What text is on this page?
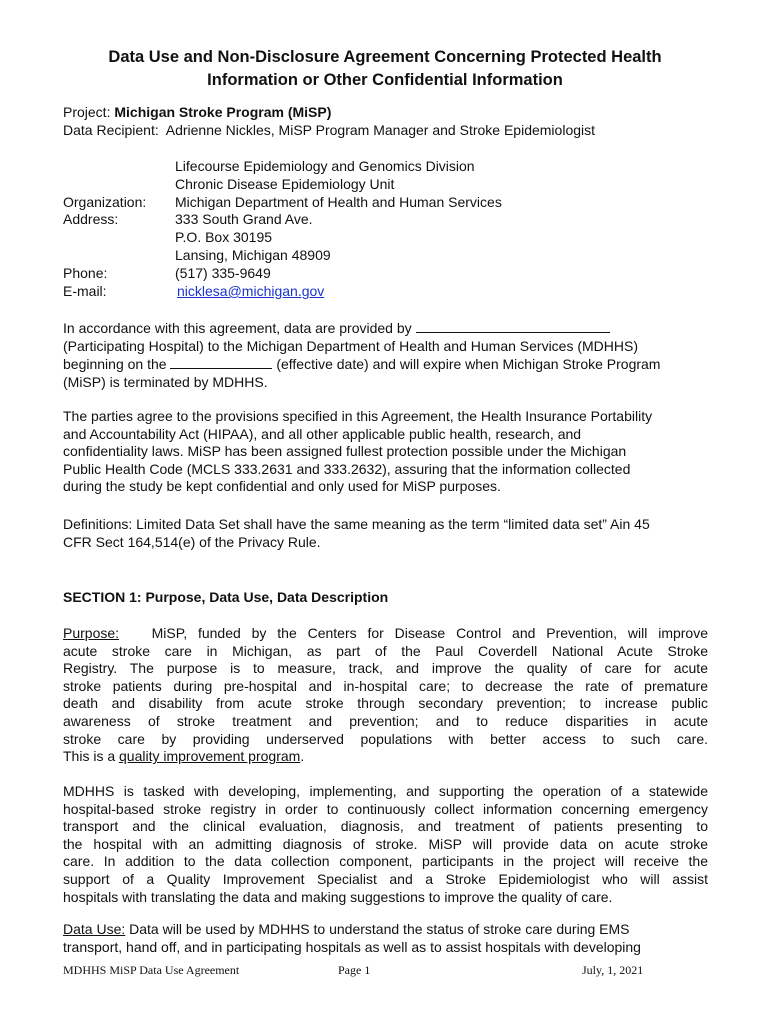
Data Use and Non-Disclosure Agreement Concerning Protected Health
Information or Other Confidential Information
Project: Michigan Stroke Program (MiSP)
Data Recipient: Adrienne Nickles, MiSP Program Manager and Stroke Epidemiologist
Lifecourse Epidemiology and Genomics Division
Chronic Disease Epidemiology Unit
Organization: Michigan Department of Health and Human Services
Address:	333 South Grand Ave.
P.O. Box 30195
Lansing, Michigan 48909
Phone:	(517) 335-9649
E-mail:	nicklesa@michigan.gov
In accordance with this agreement, data are provided by
(Participating Hospital) to the Michigan Department of Health and Human Services (MDHHS)
beginning on the	(effective date) and will expire when Michigan Stroke Program
(MiSP) is terminated by MDHHS.
The parties agree to the provisions specified in this Agreement, the Health Insurance Portability
and Accountability Act (HIPAA), and all other applicable public health, research, and
confidentiality laws. MiSP has been assigned fullest protection possible under the Michigan
Public Health Code (MCLS 333.2631 and 333.2632), assuring that the information collected
during the study be kept confidential and only used for MiSP purposes.
Definitions: Limited Data Set shall have the same meaning as the term “limited data set” Ain 45
CFR Sect 164,514(e) of the Privacy Rule.
SECTION 1: Purpose, Data Use, Data Description
Purpose: MiSP, funded by the Centers for Disease Control and Prevention, will improve
acute stroke care in Michigan, as part of the Paul Coverdell National Acute Stroke
Registry. The purpose is to measure, track, and improve the quality of care for acute
stroke patients during pre-hospital and in-hospital care; to decrease the rate of premature
death and disability from acute stroke through secondary prevention; to increase public
awareness of stroke treatment and prevention; and to reduce disparities in acute
stroke care by providing underserved populations with better access to such care.
This is a quality improvement program.
MDHHS is tasked with developing, implementing, and supporting the operation of a statewide
hospital-based stroke registry in order to continuously collect information concerning emergency
transport and the clinical evaluation, diagnosis, and treatment of patients presenting to
the hospital with an admitting diagnosis of stroke. MiSP will provide data on acute stroke
care. In addition to the data collection component, participants in the project will receive the
support of a Quality Improvement Specialist and a Stroke Epidemiologist who will assist
hospitals with translating the data and making suggestions to improve the quality of care.
Data Use: Data will be used by MDHHS to understand the status of stroke care during EMS
transport, hand off, and in participating hospitals as well as to assist hospitals with developing
MDHHS MiSP Data Use Agreement	Page 1	July, 1, 2021
